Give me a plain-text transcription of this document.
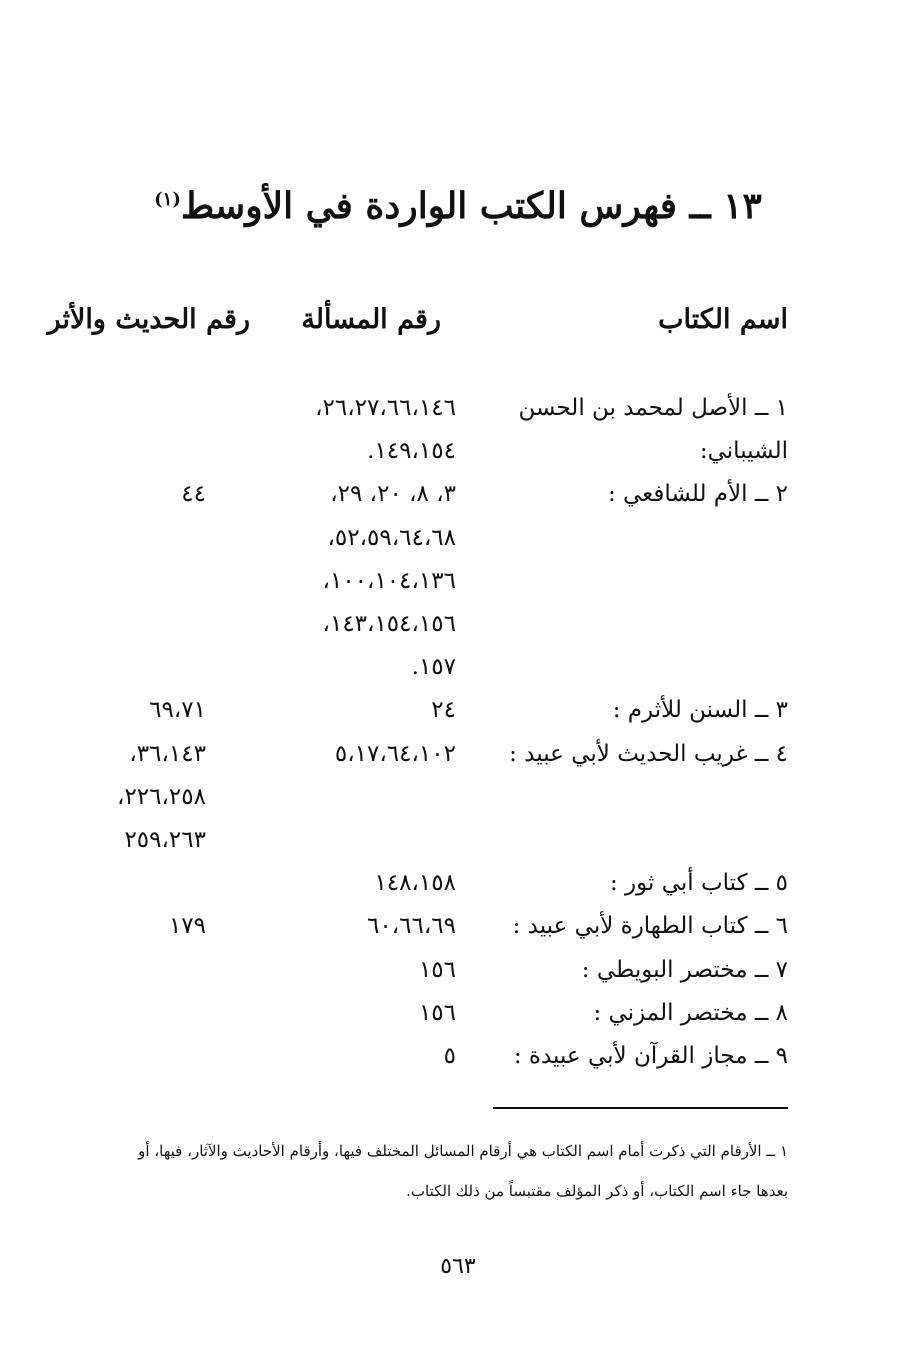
١٣ ــ فهرس الكتب الواردة في الأوسط$^{(١)}$
اسم الكتاب
رقم المسألة
رقم الحديث والأثر
١ ــ الأصل لمحمد بن الحسن
٢٦،٢٧،٦٦،١٤٦،
الشيباني:
١٤٩،١٥٤.
٢ ــ الأم للشافعي :
٣، ٨، ٢٠، ٢٩،
٤٤
٥٢،٥٩،٦٤،٦٨،
١٠٠،١٠٤،١٣٦،
١٤٣،١٥٤،١٥٦،
١٥٧.
٣ ــ السنن للأثرم :
٢٤
٦٩،٧١
٤ ــ غريب الحديث لأبي عبيد :
٥،١٧،٦٤،١٠٢
٣٦،١٤٣،
٢٢٦،٢٥٨،
٢٥٩،٢٦٣
٥ ــ كتاب أبي ثور :
١٤٨،١٥٨
٦ ــ كتاب الطهارة لأبي عبيد :
٦٠،٦٦،٦٩
١٧٩
٧ ــ مختصر البويطي :
١٥٦
٨ ــ مختصر المزني :
١٥٦
٩ ــ مجاز القرآن لأبي عبيدة :
٥
١ ــ الأرقام التي ذكرت أمام اسم الكتاب هي أرقام المسائل المختلف فيها، وأرقام الأحاديث والآثار، فيها، أو
بعدها جاء اسم الكتاب، أو ذكر المؤلف مقتبساً من ذلك الكتاب.
٥٦٣
